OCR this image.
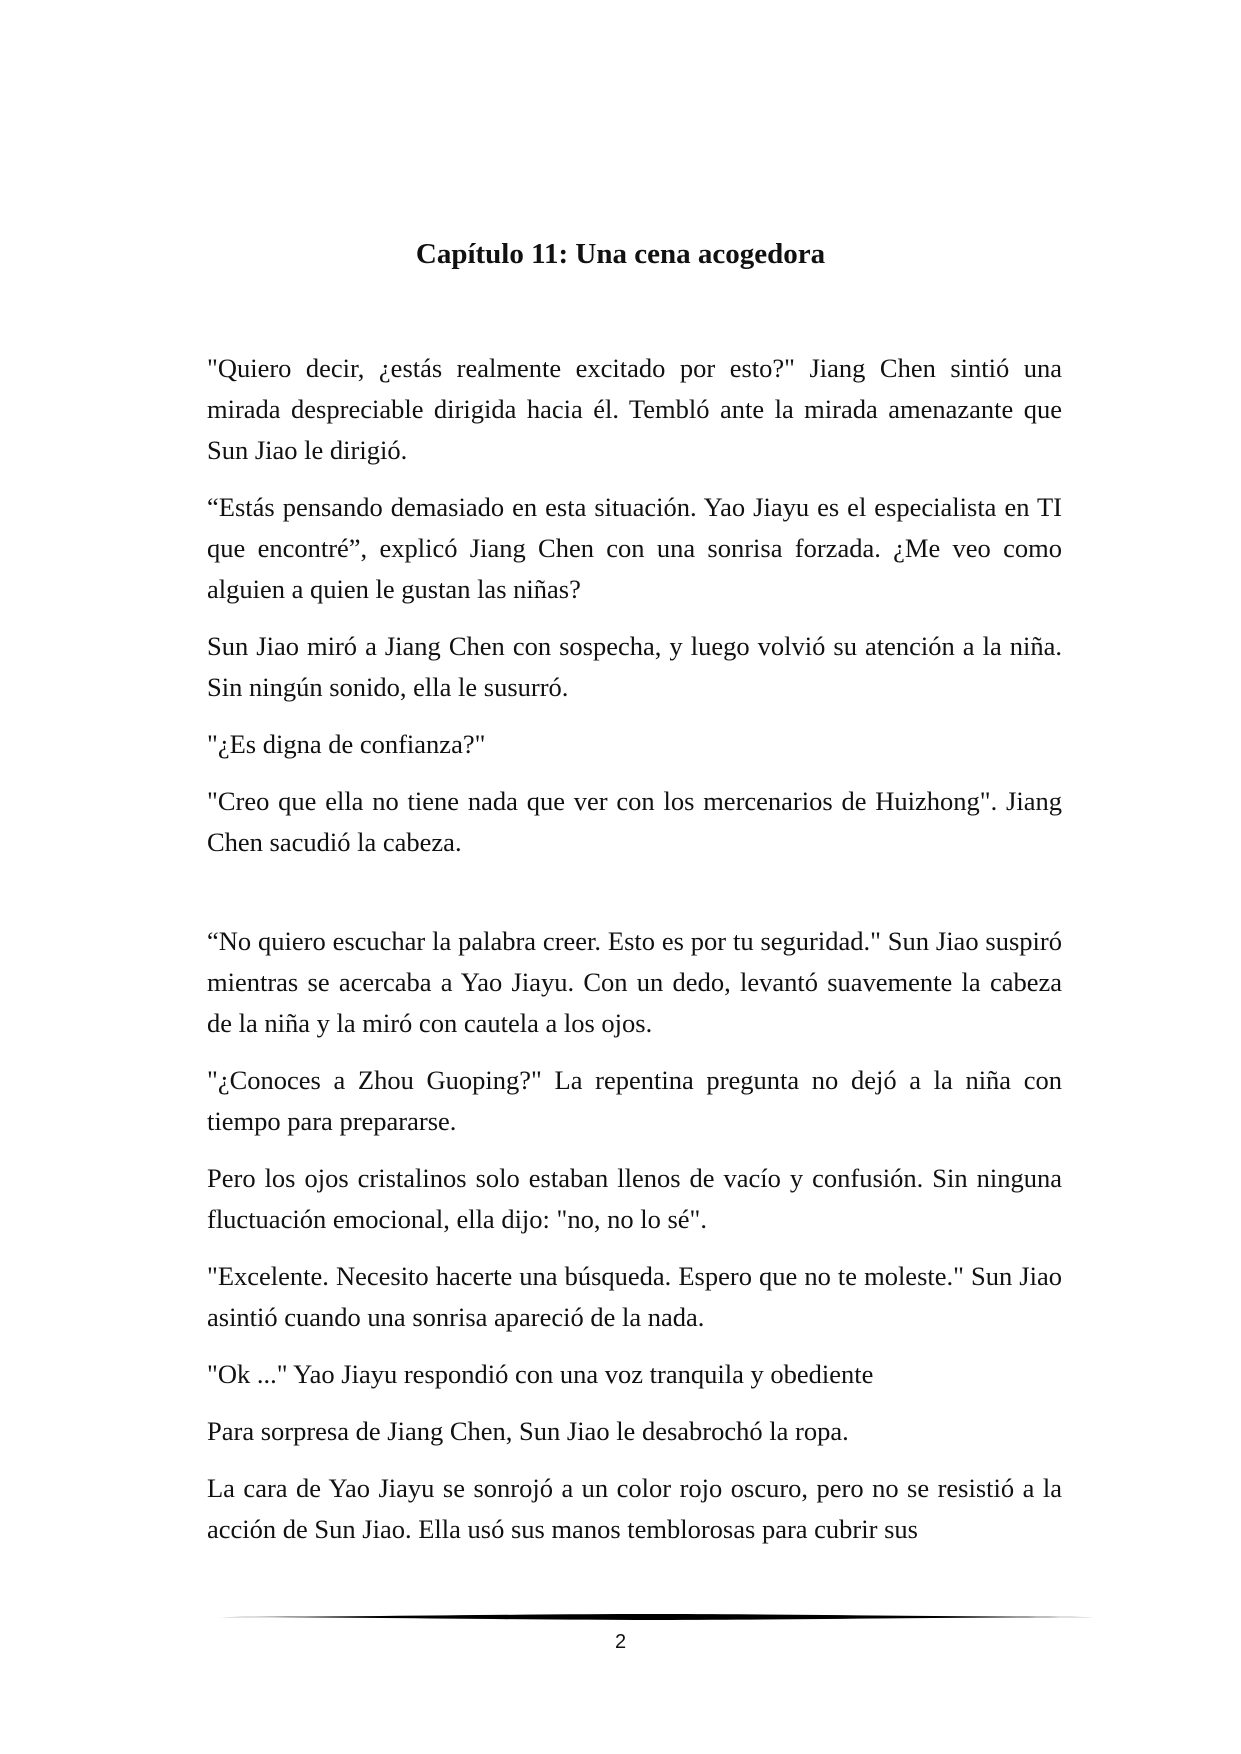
Capítulo 11: Una cena acogedora

"Quiero decir, ¿estás realmente excitado por esto?" Jiang Chen sintió una mirada despreciable dirigida hacia él. Tembló ante la mirada amenazante que Sun Jiao le dirigió.

“Estás pensando demasiado en esta situación. Yao Jiayu es el especialista en TI que encontré”, explicó Jiang Chen con una sonrisa forzada. ¿Me veo como alguien a quien le gustan las niñas?

Sun Jiao miró a Jiang Chen con sospecha, y luego volvió su atención a la niña. Sin ningún sonido, ella le susurró.

"¿Es digna de confianza?"

"Creo que ella no tiene nada que ver con los mercenarios de Huizhong". Jiang Chen sacudió la cabeza.

“No quiero escuchar la palabra creer. Esto es por tu seguridad." Sun Jiao suspiró mientras se acercaba a Yao Jiayu. Con un dedo, levantó suavemente la cabeza de la niña y la miró con cautela a los ojos.

"¿Conoces a Zhou Guoping?" La repentina pregunta no dejó a la niña con tiempo para prepararse.

Pero los ojos cristalinos solo estaban llenos de vacío y confusión. Sin ninguna fluctuación emocional, ella dijo: "no, no lo sé".

"Excelente. Necesito hacerte una búsqueda. Espero que no te moleste." Sun Jiao asintió cuando una sonrisa apareció de la nada.

"Ok ..." Yao Jiayu respondió con una voz tranquila y obediente

Para sorpresa de Jiang Chen, Sun Jiao le desabrochó la ropa.

La cara de Yao Jiayu se sonrojó a un color rojo oscuro, pero no se resistió a la acción de Sun Jiao. Ella usó sus manos temblorosas para cubrir sus

2
